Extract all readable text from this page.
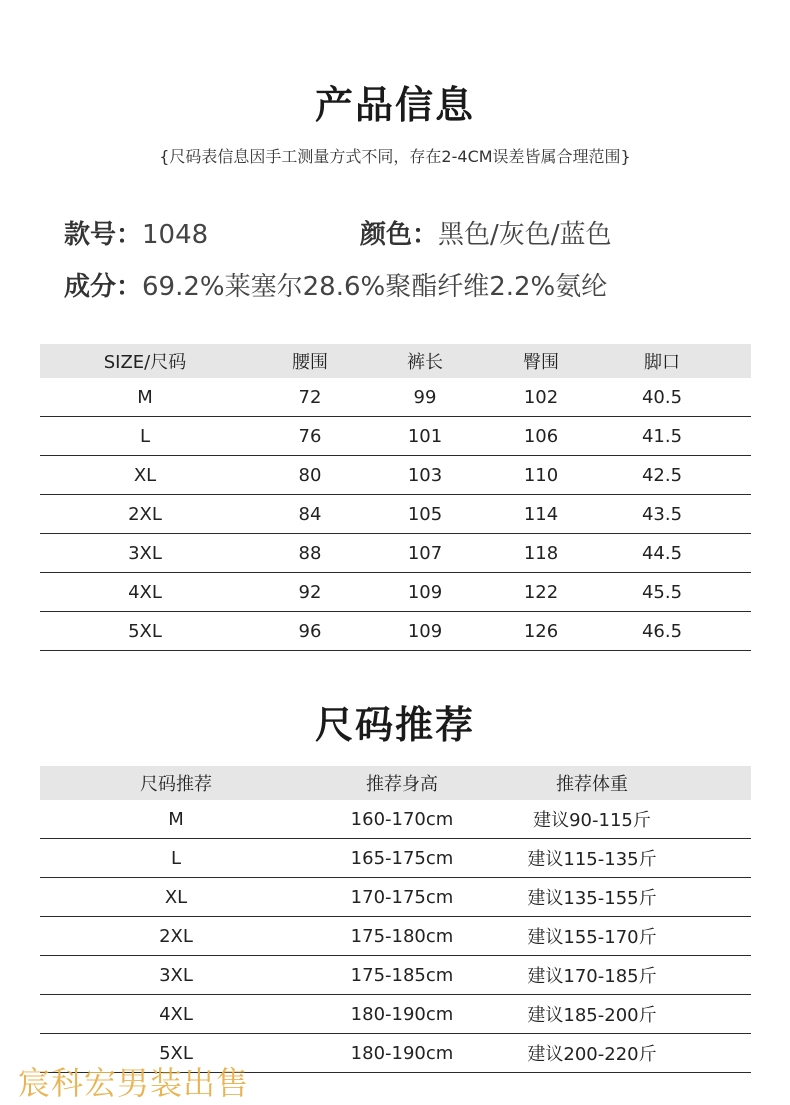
产品信息
{尺码表信息因手工测量方式不同，存在2-4CM误差皆属合理范围}
款号：1048	颜色：黑色/灰色/蓝色
成分：69.2%莱塞尔28.6%聚酯纤维2.2%氨纶
SIZE/尺码	腰围	裤长	臀围	脚口	
M	72	99	102	40.5	
L	76	101	106	41.5	
XL	80	103	110	42.5	
2XL	84	105	114	43.5	
3XL	88	107	118	44.5	
4XL	92	109	122	45.5	
5XL	96	109	126	46.5	
尺码推荐
尺码推荐	推荐身高	推荐体重	
M	160-170cm	建议90-115斤	
L	165-175cm	建议115-135斤	
XL	170-175cm	建议135-155斤	
2XL	175-180cm	建议155-170斤	
3XL	175-185cm	建议170-185斤	
4XL	180-190cm	建议185-200斤	
5XL	180-190cm	建议200-220斤	
宸科宏男装出售
